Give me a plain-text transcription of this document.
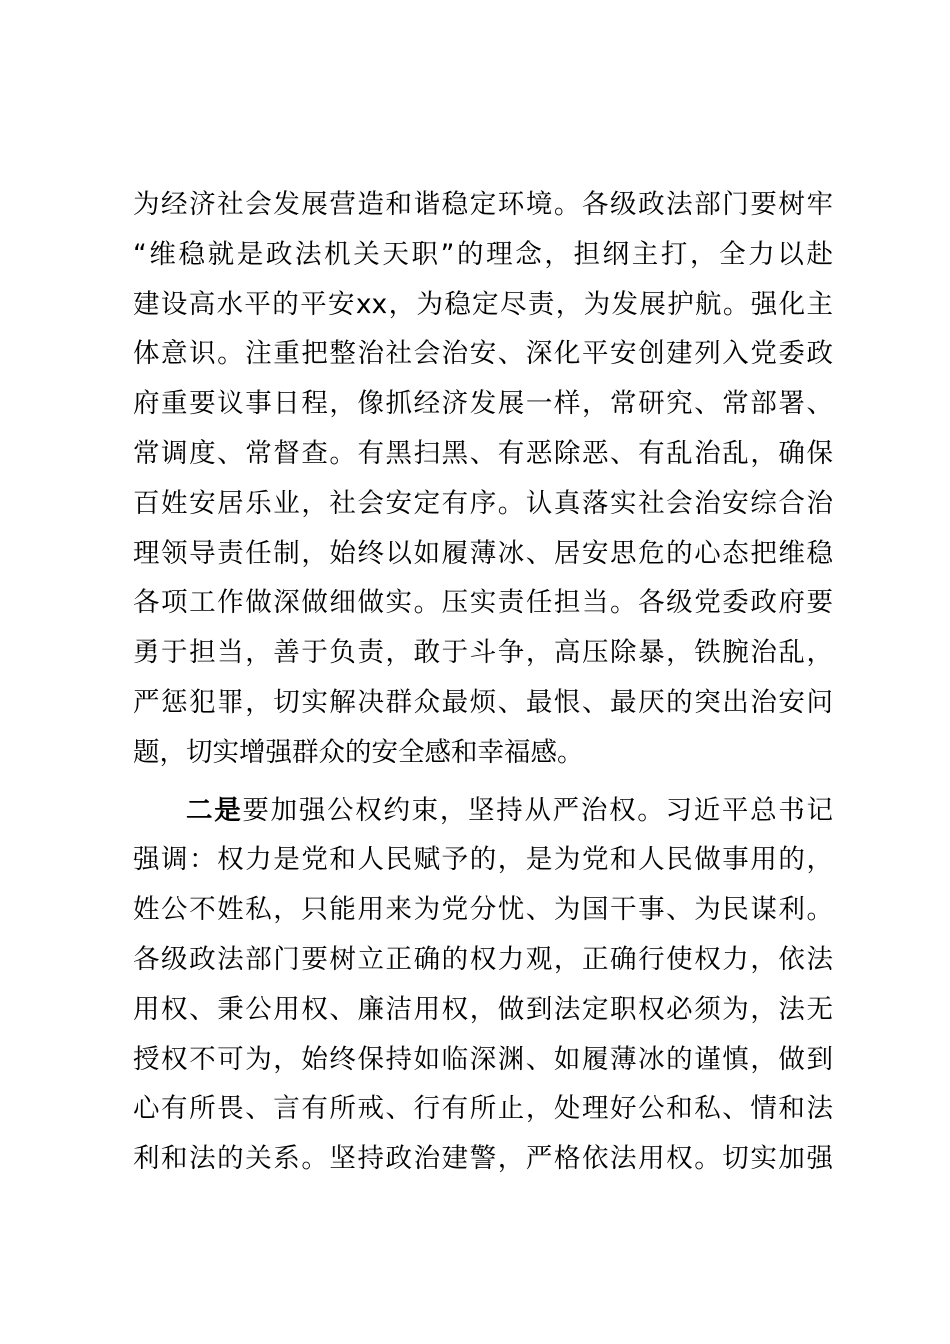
为经济社会发展营造和谐稳定环境。各级政法部门要树牢
“维稳就是政法机关天职”的理念，担纲主打，全力以赴
建设高水平的平安xx，为稳定尽责，为发展护航。强化主
体意识。注重把整治社会治安、深化平安创建列入党委政
府重要议事日程，像抓经济发展一样，常研究、常部署、
常调度、常督查。有黑扫黑、有恶除恶、有乱治乱，确保
百姓安居乐业，社会安定有序。认真落实社会治安综合治
理领导责任制，始终以如履薄冰、居安思危的心态把维稳
各项工作做深做细做实。压实责任担当。各级党委政府要
勇于担当，善于负责，敢于斗争，高压除暴，铁腕治乱，
严惩犯罪，切实解决群众最烦、最恨、最厌的突出治安问
题，切实增强群众的安全感和幸福感。
二是要加强公权约束，坚持从严治权。习近平总书记
强调：权力是党和人民赋予的，是为党和人民做事用的，
姓公不姓私，只能用来为党分忧、为国干事、为民谋利。
各级政法部门要树立正确的权力观，正确行使权力，依法
用权、秉公用权、廉洁用权，做到法定职权必须为，法无
授权不可为，始终保持如临深渊、如履薄冰的谨慎，做到
心有所畏、言有所戒、行有所止，处理好公和私、情和法
利和法的关系。坚持政治建警，严格依法用权。切实加强
